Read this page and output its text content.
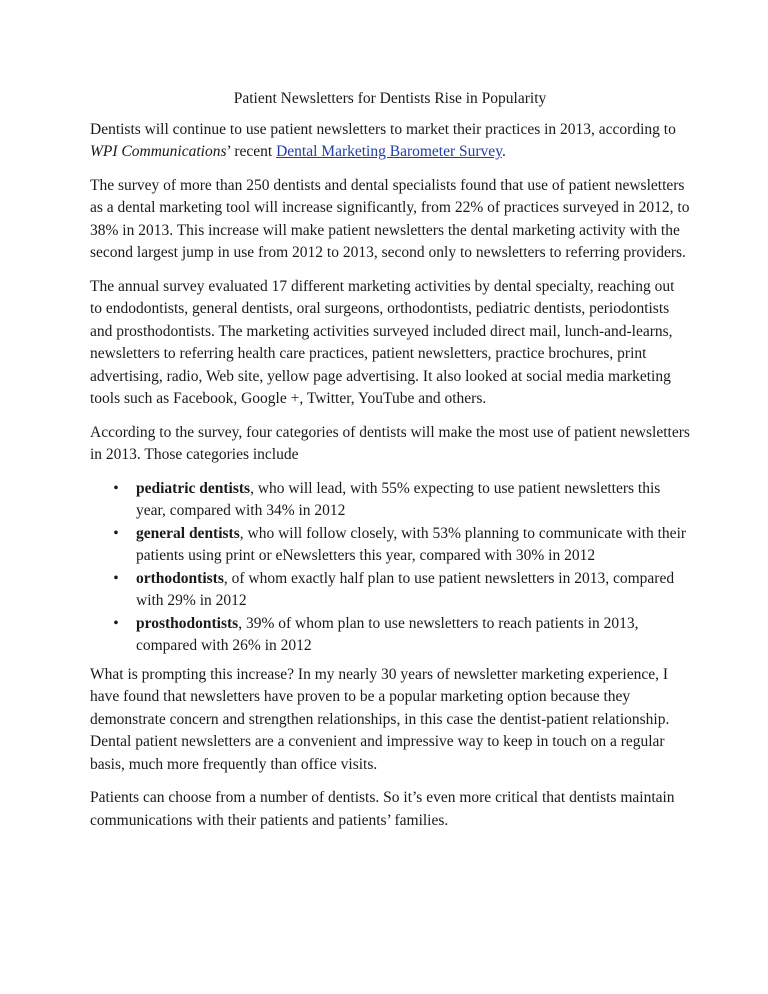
Patient Newsletters for Dentists Rise in Popularity

Dentists will continue to use patient newsletters to market their practices in 2013, according to WPI Communications’ recent Dental Marketing Barometer Survey.

The survey of more than 250 dentists and dental specialists found that use of patient newsletters as a dental marketing tool will increase significantly, from 22% of practices surveyed in 2012, to 38% in 2013. This increase will make patient newsletters the dental marketing activity with the second largest jump in use from 2012 to 2013, second only to newsletters to referring providers.

The annual survey evaluated 17 different marketing activities by dental specialty, reaching out to endodontists, general dentists, oral surgeons, orthodontists, pediatric dentists, periodontists and prosthodontists. The marketing activities surveyed included direct mail, lunch-and-learns, newsletters to referring health care practices, patient newsletters, practice brochures, print advertising, radio, Web site, yellow page advertising. It also looked at social media marketing tools such as Facebook, Google +, Twitter, YouTube and others.

According to the survey, four categories of dentists will make the most use of patient newsletters in 2013. Those categories include

• pediatric dentists, who will lead, with 55% expecting to use patient newsletters this year, compared with 34% in 2012
• general dentists, who will follow closely, with 53% planning to communicate with their patients using print or eNewsletters this year, compared with 30% in 2012
• orthodontists, of whom exactly half plan to use patient newsletters in 2013, compared with 29% in 2012
• prosthodontists, 39% of whom plan to use newsletters to reach patients in 2013, compared with 26% in 2012

What is prompting this increase? In my nearly 30 years of newsletter marketing experience, I have found that newsletters have proven to be a popular marketing option because they demonstrate concern and strengthen relationships, in this case the dentist-patient relationship. Dental patient newsletters are a convenient and impressive way to keep in touch on a regular basis, much more frequently than office visits.

Patients can choose from a number of dentists. So it’s even more critical that dentists maintain communications with their patients and patients’ families.
